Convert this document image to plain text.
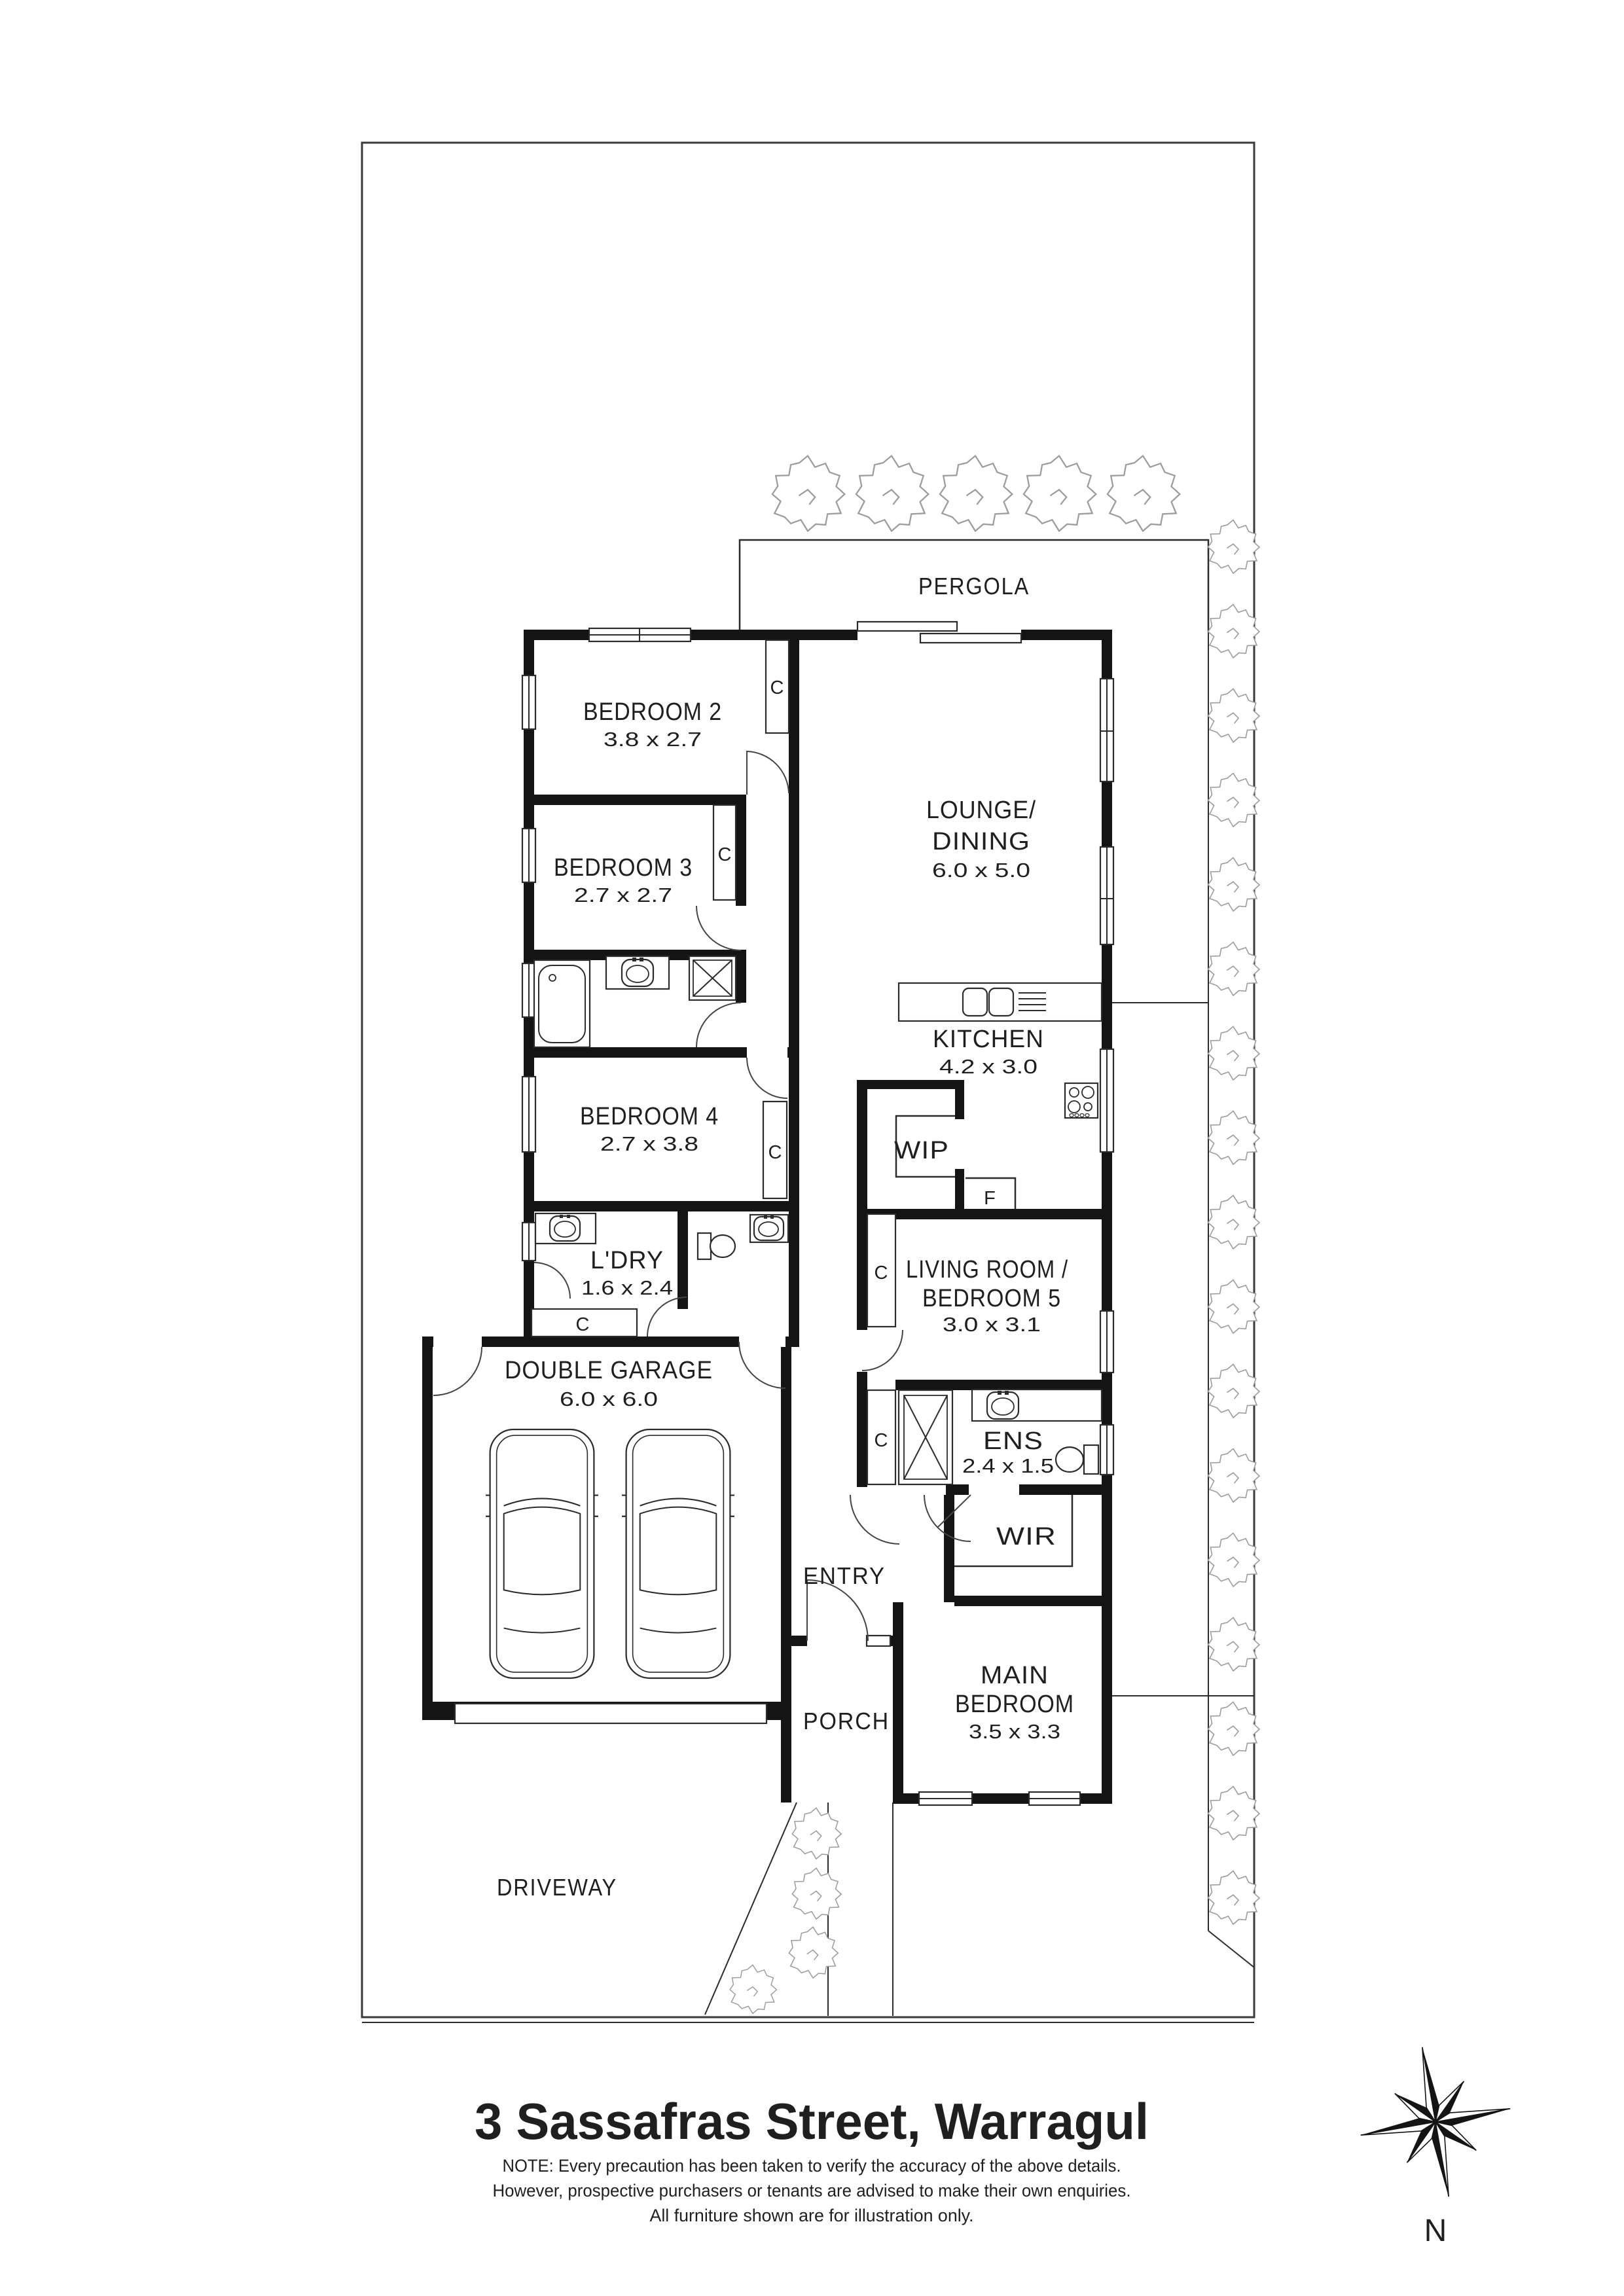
PERGOLA
BEDROOM 2
3.8 x 2.7
BEDROOM 3
2.7 x 2.7
LOUNGE/
DINING
6.0 x 5.0
KITCHEN
4.2 x 3.0
WIP
F
BEDROOM 4
2.7 x 3.8
L'DRY
1.6 x 2.4
LIVING ROOM /
BEDROOM 5
3.0 x 3.1
DOUBLE GARAGE
6.0 x 6.0
ENS
2.4 x 1.5
WIR
ENTRY
PORCH
MAIN
BEDROOM
3.5 x 3.3
DRIVEWAY
C
C
C
C
C
C
3 Sassafras Street, Warragul
NOTE: Every precaution has been taken to verify the accuracy of the above details.
However, prospective purchasers or tenants are advised to make their own enquiries.
All furniture shown are for illustration only.	N
